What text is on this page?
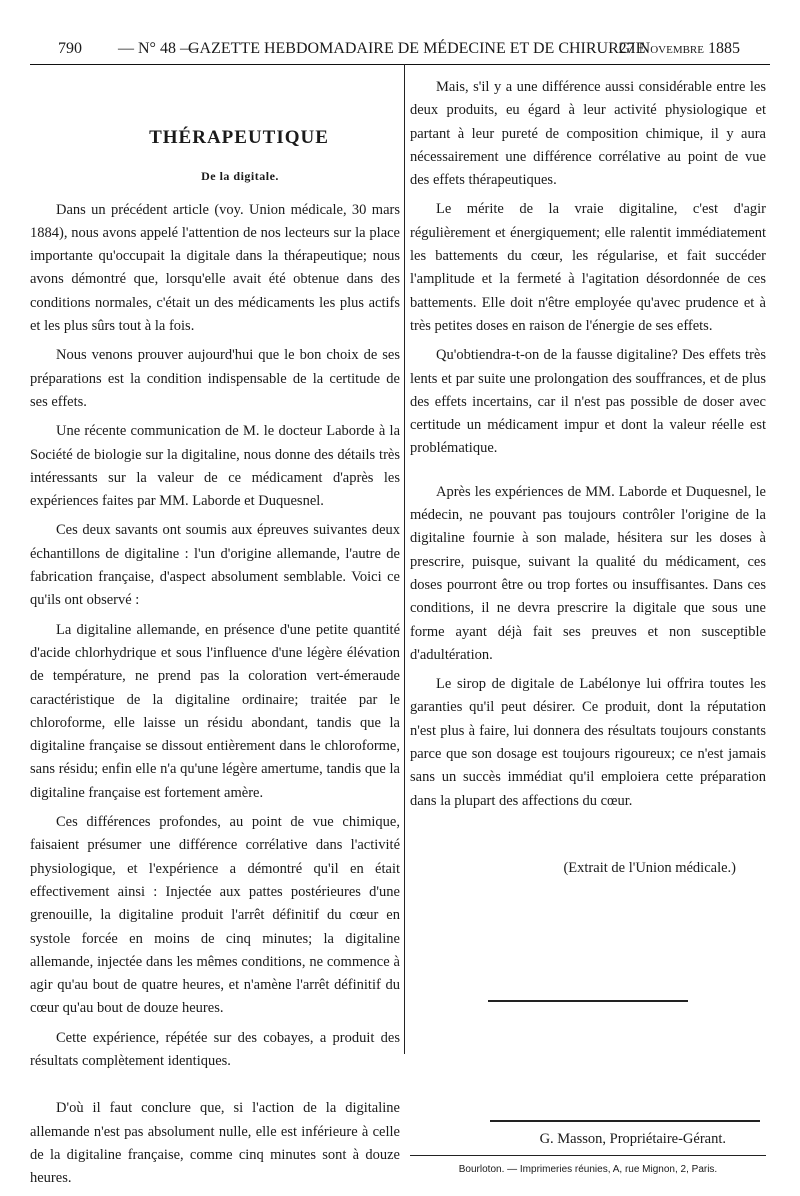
790 — N° 48 —
GAZETTE HEBDOMADAIRE DE MÉDECINE ET DE CHIRURGIE
27 Novembre 1885
THÉRAPEUTIQUE
De la digitale.

Dans un précédent article (voy. Union médicale, 30 mars 1884), nous avons appelé l'attention de nos lecteurs sur la place importante qu'occupait la digitale dans la thérapeutique; nous avons démontré que, lorsqu'elle avait été obtenue dans des conditions normales, c'était un des médicaments les plus actifs et les plus sûrs tout à la fois.

Nous venons prouver aujourd'hui que le bon choix de ses préparations est la condition indispensable de la certitude de ses effets.

Une récente communication de M. le docteur Laborde à la Société de biologie sur la digitaline, nous donne des détails très intéressants sur la valeur de ce médicament d'après les expériences faites par MM. Laborde et Duquesnel.

Ces deux savants ont soumis aux épreuves suivantes deux échantillons de digitaline : l'un d'origine allemande, l'autre de fabrication française, d'aspect absolument semblable. Voici ce qu'ils ont observé :

La digitaline allemande, en présence d'une petite quantité d'acide chlorhydrique et sous l'influence d'une légère élévation de température, ne prend pas la coloration vert-émeraude caractéristique de la digitaline ordinaire; traitée par le chloroforme, elle laisse un résidu abondant, tandis que la digitaline française se dissout entièrement dans le chloroforme, sans résidu; enfin elle n'a qu'une légère amertume, tandis que la digitaline française est fortement amère.

Ces différences profondes, au point de vue chimique, faisaient présumer une différence corrélative dans l'activité physiologique, et l'expérience a démontré qu'il en était effectivement ainsi : Injectée aux pattes postérieures d'une grenouille, la digitaline produit l'arrêt définitif du cœur en systole forcée en moins de cinq minutes; la digitaline allemande, injectée dans les mêmes conditions, ne commence à agir qu'au bout de quatre heures, et n'amène l'arrêt définitif du cœur qu'au bout de douze heures.

Cette expérience, répétée sur des cobayes, a produit des résultats complètement identiques.

D'où il faut conclure que, si l'action de la digitaline allemande n'est pas absolument nulle, elle est inférieure à celle de la digitaline française, comme cinq minutes sont à douze heures.

Mais, s'il y a une différence aussi considérable entre les deux produits, eu égard à leur activité physiologique et partant à leur pureté de composition chimique, il y aura nécessairement une différence corrélative au point de vue des effets thérapeutiques.

Le mérite de la vraie digitaline, c'est d'agir régulièrement et énergiquement; elle ralentit immédiatement les battements du cœur, les régularise, et fait succéder l'amplitude et la fermeté à l'agitation désordonnée de ces battements. Elle doit n'être employée qu'avec prudence et à très petites doses en raison de l'énergie de ses effets.

Qu'obtiendra-t-on de la fausse digitaline? Des effets très lents et par suite une prolongation des souffrances, et de plus des effets incertains, car il n'est pas possible de doser avec certitude un médicament impur et dont la valeur réelle est problématique.

Après les expériences de MM. Laborde et Duquesnel, le médecin, ne pouvant pas toujours contrôler l'origine de la digitaline fournie à son malade, hésitera sur les doses à prescrire, puisque, suivant la qualité du médicament, ces doses pourront être ou trop fortes ou insuffisantes. Dans ces conditions, il ne devra prescrire la digitale que sous une forme ayant déjà fait ses preuves et non susceptible d'adultération.

Le sirop de digitale de Labélonye lui offrira toutes les garanties qu'il peut désirer. Ce produit, dont la réputation n'est plus à faire, lui donnera des résultats toujours constants parce que son dosage est toujours rigoureux; ce n'est jamais sans un succès immédiat qu'il emploiera cette préparation dans la plupart des affections du cœur.

(Extrait de l'Union médicale.)
G. Masson, Propriétaire-Gérant.
Bourloton. — Imprimeries réunies, A, rue Mignon, 2, Paris.
